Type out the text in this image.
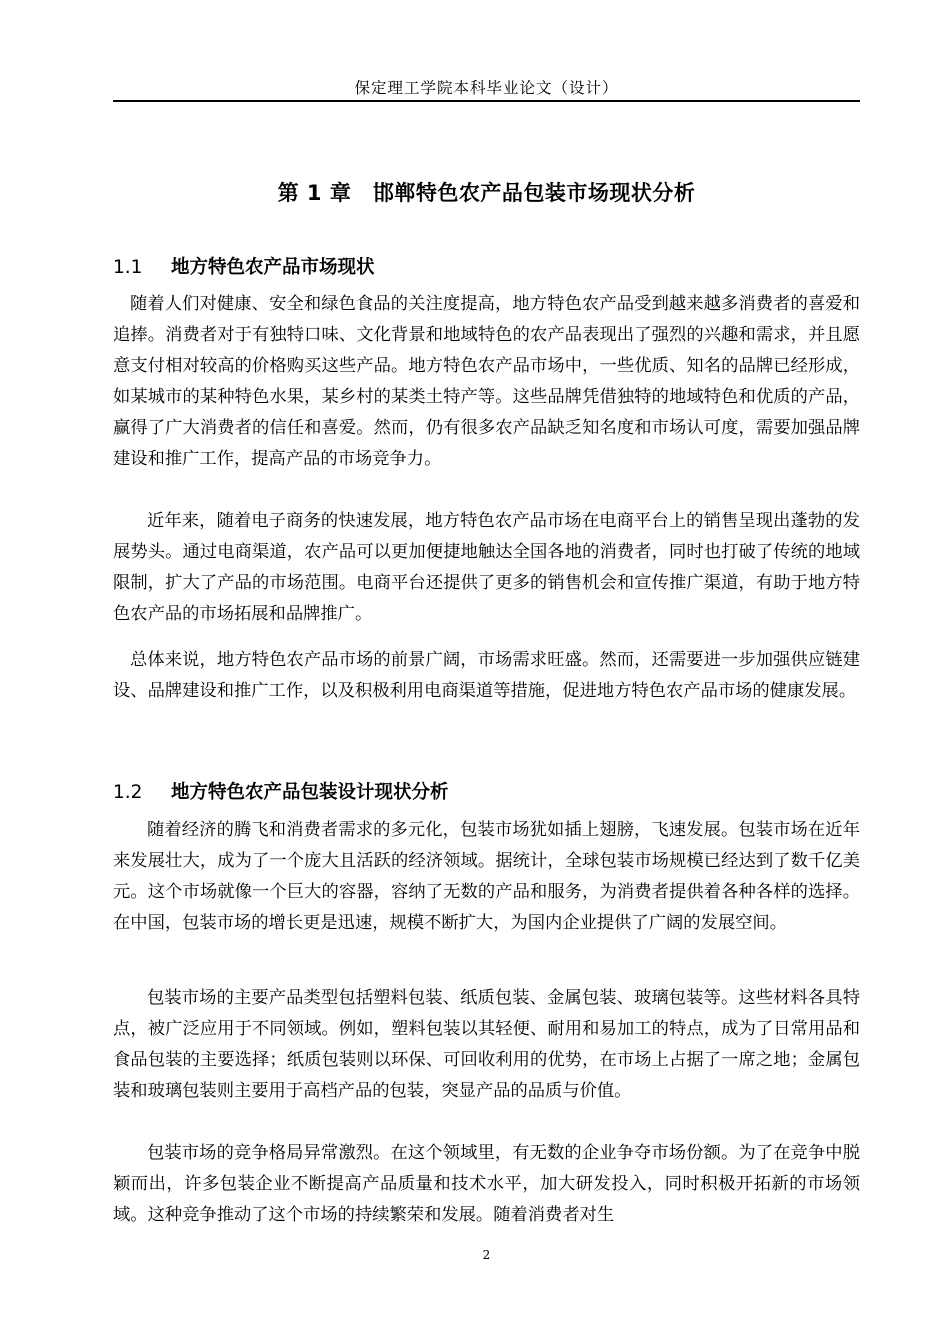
保定理工学院本科毕业论文（设计）
第 1 章　邯郸特色农产品包装市场现状分析
1.1 地方特色农产品市场现状

随着人们对健康、安全和绿色食品的关注度提高，地方特色农产品受到越来越多消费者的喜爱和追捧。消费者对于有独特口味、文化背景和地域特色的农产品表现出了强烈的兴趣和需求，并且愿意支付相对较高的价格购买这些产品。地方特色农产品市场中，一些优质、知名的品牌已经形成，如某城市的某种特色水果，某乡村的某类土特产等。这些品牌凭借独特的地域特色和优质的产品，赢得了广大消费者的信任和喜爱。然而，仍有很多农产品缺乏知名度和市场认可度，需要加强品牌建设和推广工作，提高产品的市场竞争力。

近年来，随着电子商务的快速发展，地方特色农产品市场在电商平台上的销售呈现出蓬勃的发展势头。通过电商渠道，农产品可以更加便捷地触达全国各地的消费者，同时也打破了传统的地域限制，扩大了产品的市场范围。电商平台还提供了更多的销售机会和宣传推广渠道，有助于地方特色农产品的市场拓展和品牌推广。

总体来说，地方特色农产品市场的前景广阔，市场需求旺盛。然而，还需要进一步加强供应链建设、品牌建设和推广工作，以及积极利用电商渠道等措施，促进地方特色农产品市场的健康发展。

1.2 地方特色农产品包装设计现状分析

随着经济的腾飞和消费者需求的多元化，包装市场犹如插上翅膀，飞速发展。包装市场在近年来发展壮大，成为了一个庞大且活跃的经济领域。据统计，全球包装市场规模已经达到了数千亿美元。这个市场就像一个巨大的容器，容纳了无数的产品和服务，为消费者提供着各种各样的选择。在中国，包装市场的增长更是迅速，规模不断扩大，为国内企业提供了广阔的发展空间。

包装市场的主要产品类型包括塑料包装、纸质包装、金属包装、玻璃包装等。这些材料各具特点，被广泛应用于不同领域。例如，塑料包装以其轻便、耐用和易加工的特点，成为了日常用品和食品包装的主要选择；纸质包装则以环保、可回收利用的优势，在市场上占据了一席之地；金属包装和玻璃包装则主要用于高档产品的包装，突显产品的品质与价值。

包装市场的竞争格局异常激烈。在这个领域里，有无数的企业争夺市场份额。为了在竞争中脱颖而出，许多包装企业不断提高产品质量和技术水平，加大研发投入，同时积极开拓新的市场领域。这种竞争推动了这个市场的持续繁荣和发展。随着消费者对生

2
